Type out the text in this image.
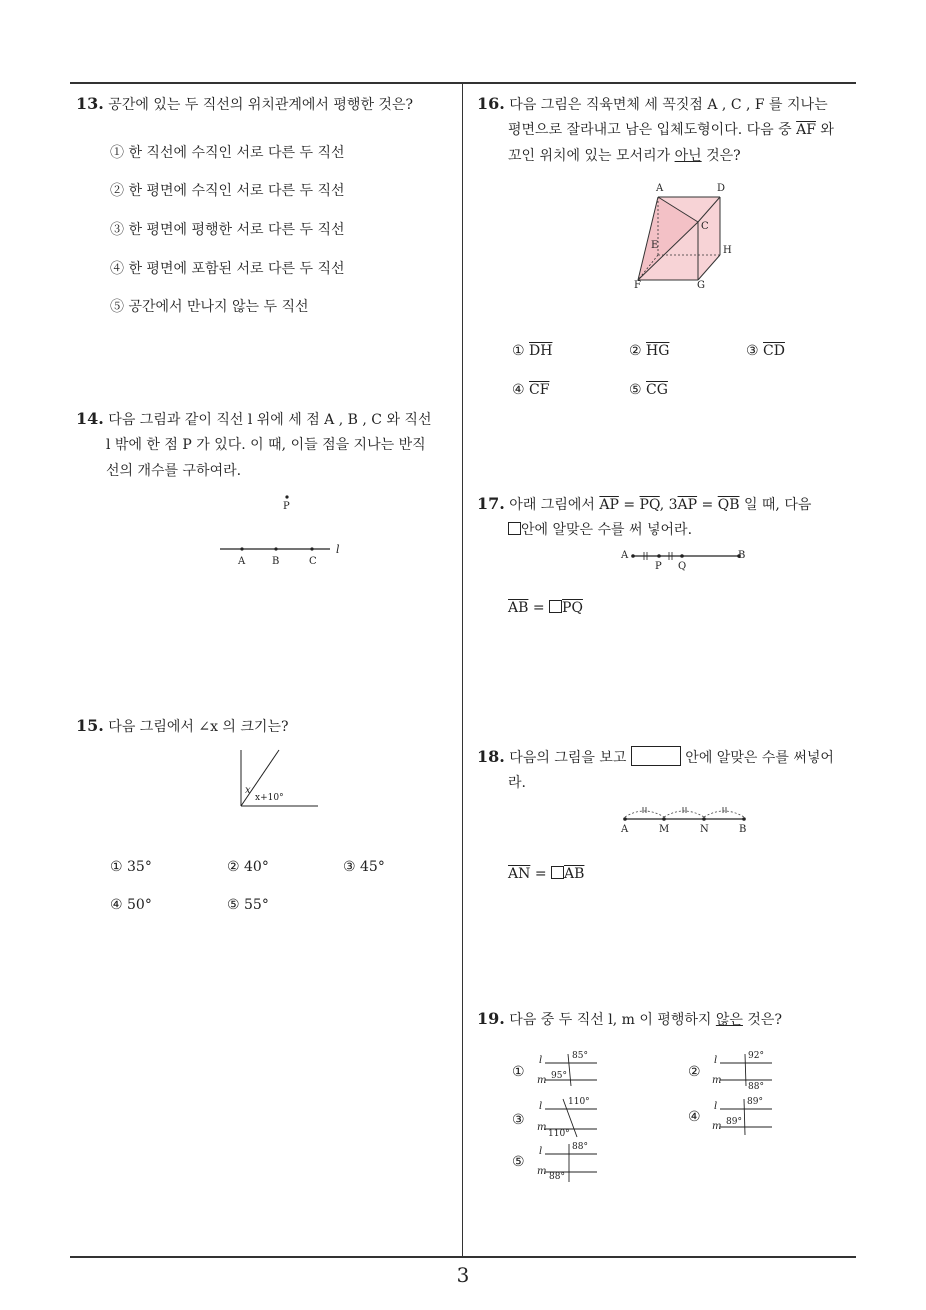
3
13. 공간에 있는 두 직선의 위치관계에서 평행한 것은?
① 한 직선에 수직인 서로 다른 두 직선
② 한 평면에 수직인 서로 다른 두 직선
③ 한 평면에 평행한 서로 다른 두 직선
④ 한 평면에 포함된 서로 다른 두 직선
⑤ 공간에서 만나지 않는 두 직선
14. 다음 그림과 같이 직선 l 위에 세 점 A , B , C 와 직선
l 밖에 한 점 P 가 있다. 이 때, 이들 점을 지나는 반직
선의 개수를 구하여라.
P
A	B	C
l
15. 다음 그림에서 ∠x 의 크기는?
x
x+10°
① 35°	② 40°	③ 45°
④ 50°	⑤ 55°
16. 다음 그림은 직육면체 세 꼭짓점 A , C , F 를 지나는
평면으로 잘라내고 남은 입체도형이다. 다음 중 $\overline{AF}$ 와
꼬인 위치에 있는 모서리가 아닌 것은?
A	D
C
E	H
F	G
① $\overline{DH}$	② $\overline{HG}$	③ $\overline{CD}$
④ $\overline{CF}$	⑤ $\overline{CG}$
17. 아래 그림에서 $\overline{AP} = \overline{PQ}$, $3\overline{AP} = \overline{QB}$ 일 때, 다음
안에 알맞은 수를 써 넣어라.
A
P Q
B
$\overline{AB} = \overline{PQ}$
18. 다음의 그림을 보고	안에 알맞은 수를 써넣어
라.
A	M	N	B
$\overline{AN} = \overline{AB}$
19. 다음 중 두 직선 l, m 이 평행하지 않은 것은?
①
l
m
85°
95°	②
l
m
92°
88°
③
l
m
110°
110°
④
l
m
89°
89°
⑤
l
m
88°
88°
